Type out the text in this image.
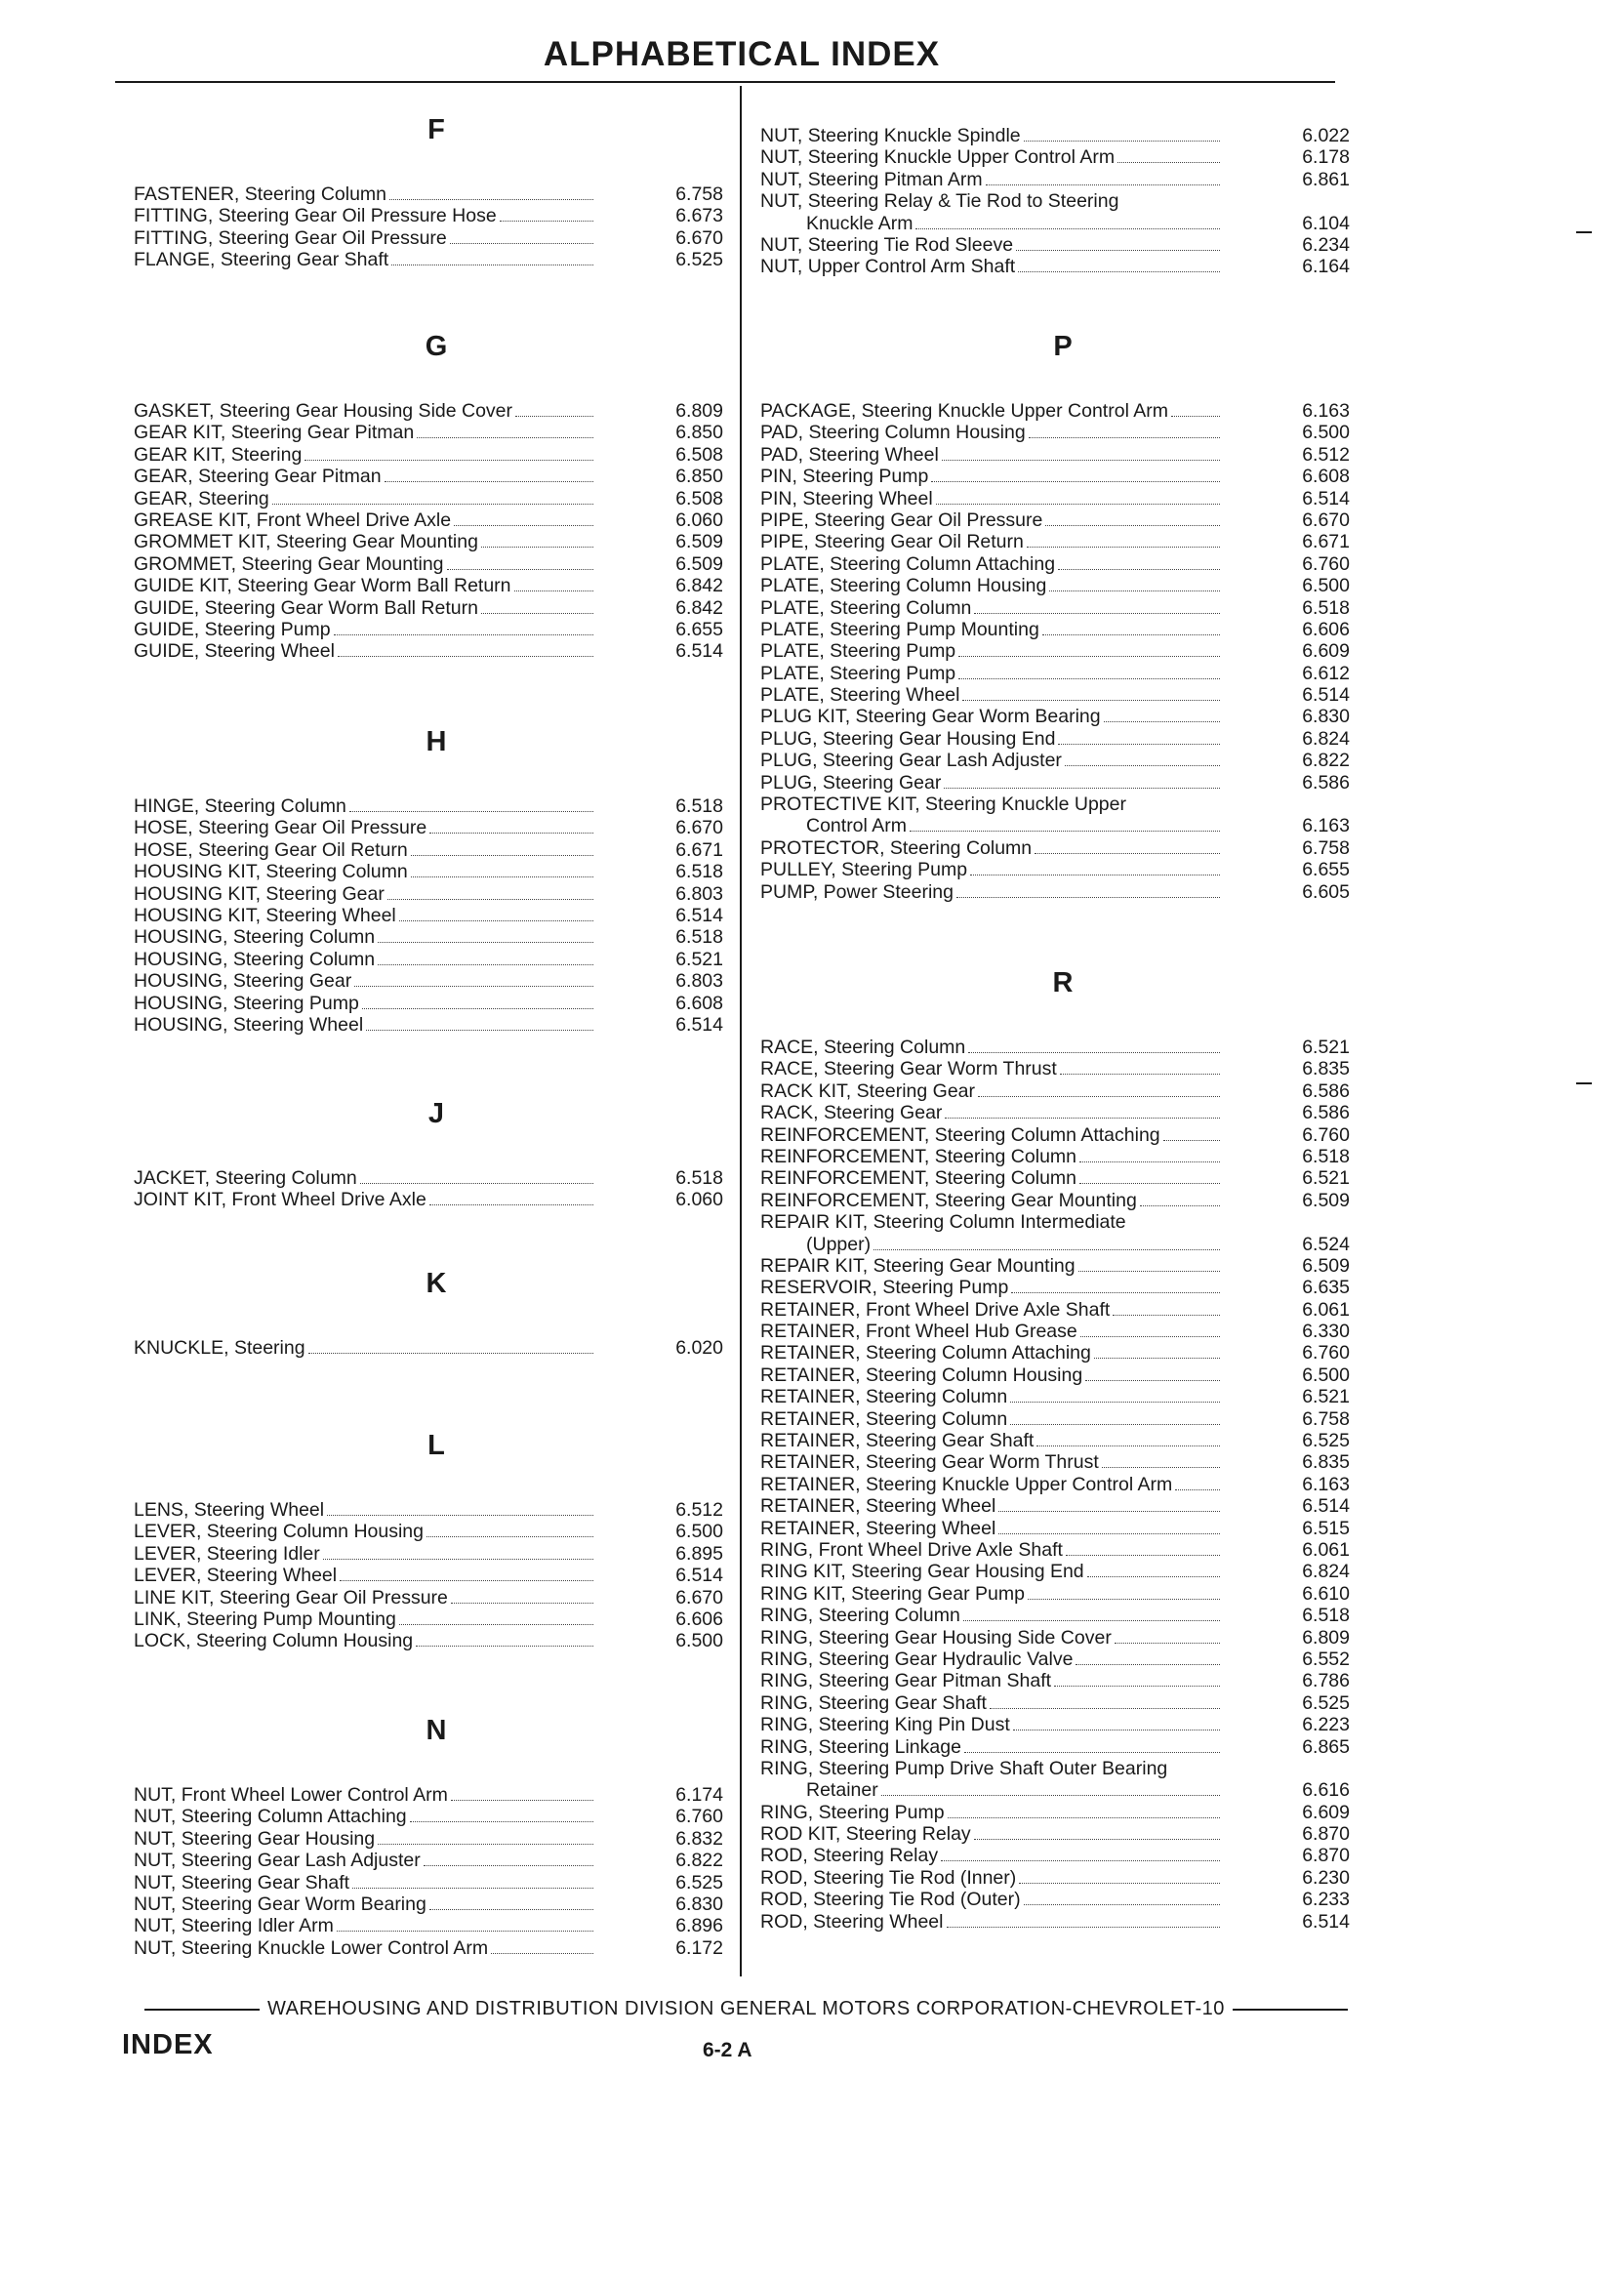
ALPHABETICAL INDEX
F
FASTENER, Steering Column	6.758
FITTING, Steering Gear Oil Pressure Hose	6.673
FITTING, Steering Gear Oil Pressure	6.670
FLANGE, Steering Gear Shaft	6.525
G
GASKET, Steering Gear Housing Side Cover	6.809
GEAR KIT, Steering Gear Pitman	6.850
GEAR KIT, Steering	6.508
GEAR, Steering Gear Pitman	6.850
GEAR, Steering	6.508
GREASE KIT, Front Wheel Drive Axle	6.060
GROMMET KIT, Steering Gear Mounting	6.509
GROMMET, Steering Gear Mounting	6.509
GUIDE KIT, Steering Gear Worm Ball Return	6.842
GUIDE, Steering Gear Worm Ball Return	6.842
GUIDE, Steering Pump	6.655
GUIDE, Steering Wheel	6.514
H
HINGE, Steering Column	6.518
HOSE, Steering Gear Oil Pressure	6.670
HOSE, Steering Gear Oil Return	6.671
HOUSING KIT, Steering Column	6.518
HOUSING KIT, Steering Gear	6.803
HOUSING KIT, Steering Wheel	6.514
HOUSING, Steering Column	6.518
HOUSING, Steering Column	6.521
HOUSING, Steering Gear	6.803
HOUSING, Steering Pump	6.608
HOUSING, Steering Wheel	6.514
J
JACKET, Steering Column	6.518
JOINT KIT, Front Wheel Drive Axle	6.060
K
KNUCKLE, Steering	6.020
L
LENS, Steering Wheel	6.512
LEVER, Steering Column Housing	6.500
LEVER, Steering Idler	6.895
LEVER, Steering Wheel	6.514
LINE KIT, Steering Gear Oil Pressure	6.670
LINK, Steering Pump Mounting	6.606
LOCK, Steering Column Housing	6.500
N
NUT, Front Wheel Lower Control Arm	6.174
NUT, Steering Column Attaching	6.760
NUT, Steering Gear Housing	6.832
NUT, Steering Gear Lash Adjuster	6.822
NUT, Steering Gear Shaft	6.525
NUT, Steering Gear Worm Bearing	6.830
NUT, Steering Idler Arm	6.896
NUT, Steering Knuckle Lower Control Arm	6.172
NUT, Steering Knuckle Spindle	6.022
NUT, Steering Knuckle Upper Control Arm	6.178
NUT, Steering Pitman Arm	6.861
NUT, Steering Relay & Tie Rod to Steering
Knuckle Arm	6.104
NUT, Steering Tie Rod Sleeve	6.234
NUT, Upper Control Arm Shaft	6.164
P
PACKAGE, Steering Knuckle Upper Control Arm	6.163
PAD, Steering Column Housing	6.500
PAD, Steering Wheel	6.512
PIN, Steering Pump	6.608
PIN, Steering Wheel	6.514
PIPE, Steering Gear Oil Pressure	6.670
PIPE, Steering Gear Oil Return	6.671
PLATE, Steering Column Attaching	6.760
PLATE, Steering Column Housing	6.500
PLATE, Steering Column	6.518
PLATE, Steering Pump Mounting	6.606
PLATE, Steering Pump	6.609
PLATE, Steering Pump	6.612
PLATE, Steering Wheel	6.514
PLUG KIT, Steering Gear Worm Bearing	6.830
PLUG, Steering Gear Housing End	6.824
PLUG, Steering Gear Lash Adjuster	6.822
PLUG, Steering Gear	6.586
PROTECTIVE KIT, Steering Knuckle Upper
Control Arm	6.163
PROTECTOR, Steering Column	6.758
PULLEY, Steering Pump	6.655
PUMP, Power Steering	6.605
R
RACE, Steering Column	6.521
RACE, Steering Gear Worm Thrust	6.835
RACK KIT, Steering Gear	6.586
RACK, Steering Gear	6.586
REINFORCEMENT, Steering Column Attaching	6.760
REINFORCEMENT, Steering Column	6.518
REINFORCEMENT, Steering Column	6.521
REINFORCEMENT, Steering Gear Mounting	6.509
REPAIR KIT, Steering Column Intermediate
(Upper)	6.524
REPAIR KIT, Steering Gear Mounting	6.509
RESERVOIR, Steering Pump	6.635
RETAINER, Front Wheel Drive Axle Shaft	6.061
RETAINER, Front Wheel Hub Grease	6.330
RETAINER, Steering Column Attaching	6.760
RETAINER, Steering Column Housing	6.500
RETAINER, Steering Column	6.521
RETAINER, Steering Column	6.758
RETAINER, Steering Gear Shaft	6.525
RETAINER, Steering Gear Worm Thrust	6.835
RETAINER, Steering Knuckle Upper Control Arm	6.163
RETAINER, Steering Wheel	6.514
RETAINER, Steering Wheel	6.515
RING, Front Wheel Drive Axle Shaft	6.061
RING KIT, Steering Gear Housing End	6.824
RING KIT, Steering Gear Pump	6.610
RING, Steering Column	6.518
RING, Steering Gear Housing Side Cover	6.809
RING, Steering Gear Hydraulic Valve	6.552
RING, Steering Gear Pitman Shaft	6.786
RING, Steering Gear Shaft	6.525
RING, Steering King Pin Dust	6.223
RING, Steering Linkage	6.865
RING, Steering Pump Drive Shaft Outer Bearing
Retainer	6.616
RING, Steering Pump	6.609
ROD KIT, Steering Relay	6.870
ROD, Steering Relay	6.870
ROD, Steering Tie Rod (Inner)	6.230
ROD, Steering Tie Rod (Outer)	6.233
ROD, Steering Wheel	6.514
WAREHOUSING AND DISTRIBUTION DIVISION GENERAL MOTORS CORPORATION-CHEVROLET-10
INDEX	6-2 A
